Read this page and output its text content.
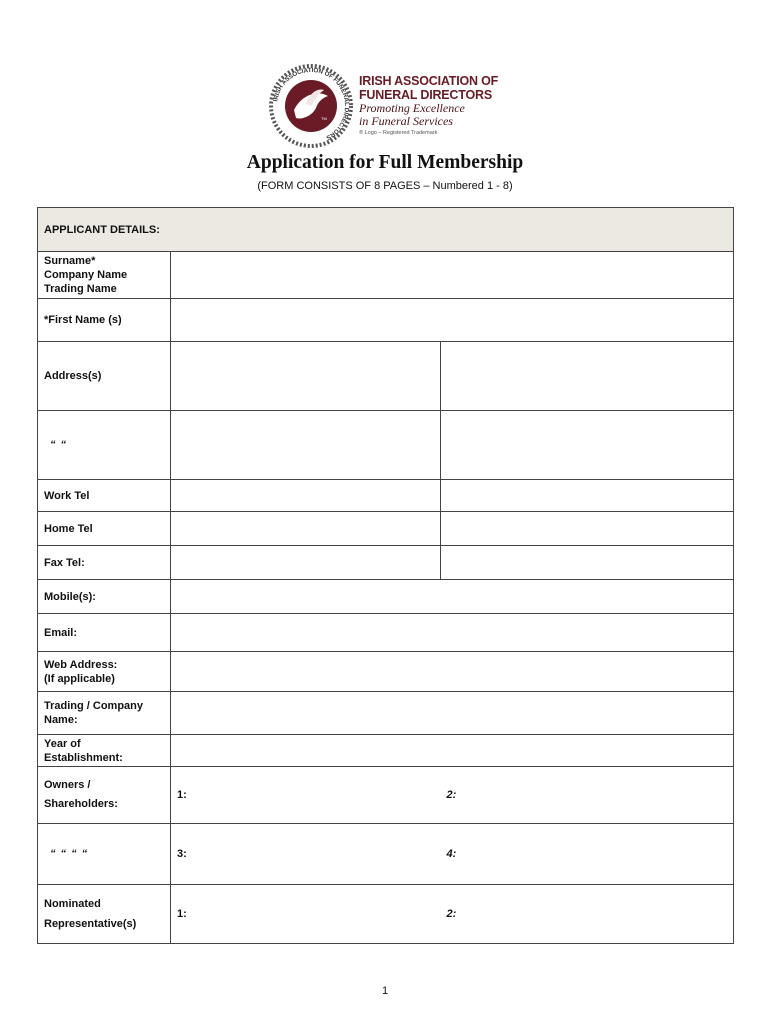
IRISH ASSOCIATION OF FUNERAL DIRECTORS
TM
IRISH ASSOCIATION OF
FUNERAL DIRECTORS
Promoting Excellence
in Funeral Services
® Logo – Registered Trademark
Application for Full Membership
(FORM CONSISTS OF 8 PAGES – Numbered 1 - 8)
APPLICANT DETAILS:		

Surname*
Company Name
Trading Name		

*First Name (s)		
Address(s)		
“ “		
Work Tel		
Home Tel		
Fax Tel:		
Mobile(s):		
Email:		

Web Address:
(If applicable)		

Trading / Company
Name:		

Year of
Establishment:		

Owners /
Shareholders:	1:	2:
“ “ “ “	3:	4:

Nominated
Representative(s)	1:	2:
1
